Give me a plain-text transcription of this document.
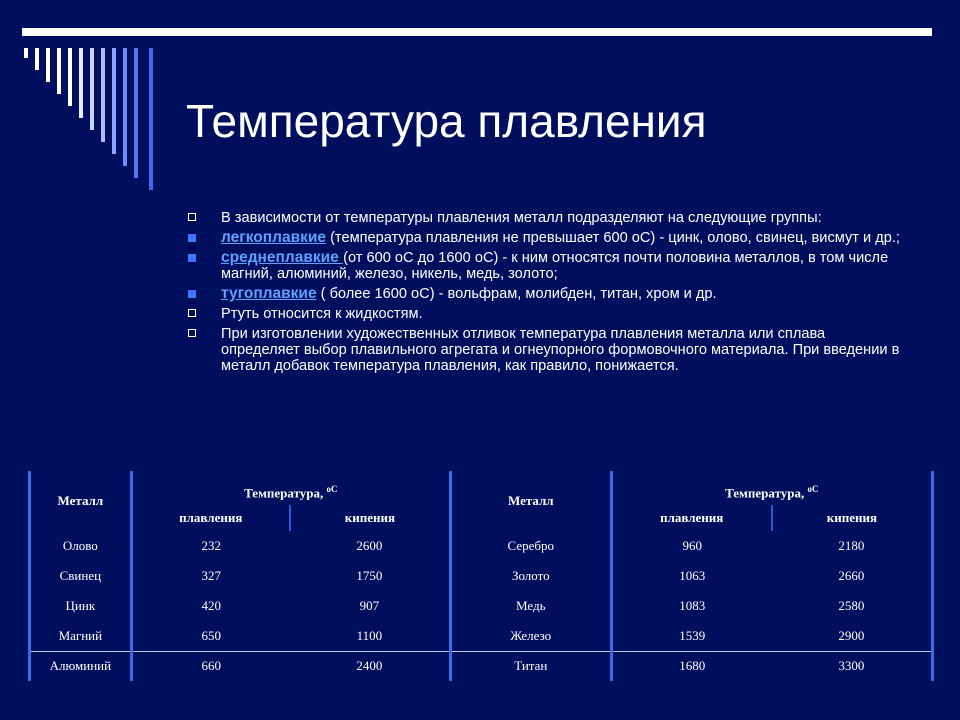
Температура плавления
В зависимости от температуры плавления металл подразделяют на следующие группы:
легкоплавкие (температура плавления не превышает 600 оС) - цинк, олово, свинец, висмут и др.;
среднеплавкие (от 600 оС до 1600 оС) - к ним относятся почти половина металлов, в том числе магний, алюминий, железо, никель, медь, золото;
тугоплавкие ( более 1600 оС) - вольфрам, молибден, титан, хром и др.
Ртуть относится к жидкостям.
При изготовлении художественных отливок температура плавления металла или сплава определяет выбор плавильного агрегата и огнеупорного формовочного материала. При введении в металл добавок температура плавления, как правило, понижается.
Металл	Температура, $^{оС}$		Металл	Температура, $^{оС}$
	плавления	кипения		плавления	кипения
Олово	232	2600	Серебро	960	2180
Свинец	327	1750	Золото	1063	2660
Цинк	420	907	Медь	1083	2580
Магний	650	1100	Железо	1539	2900
Алюминий	660	2400	Титан	1680	3300
